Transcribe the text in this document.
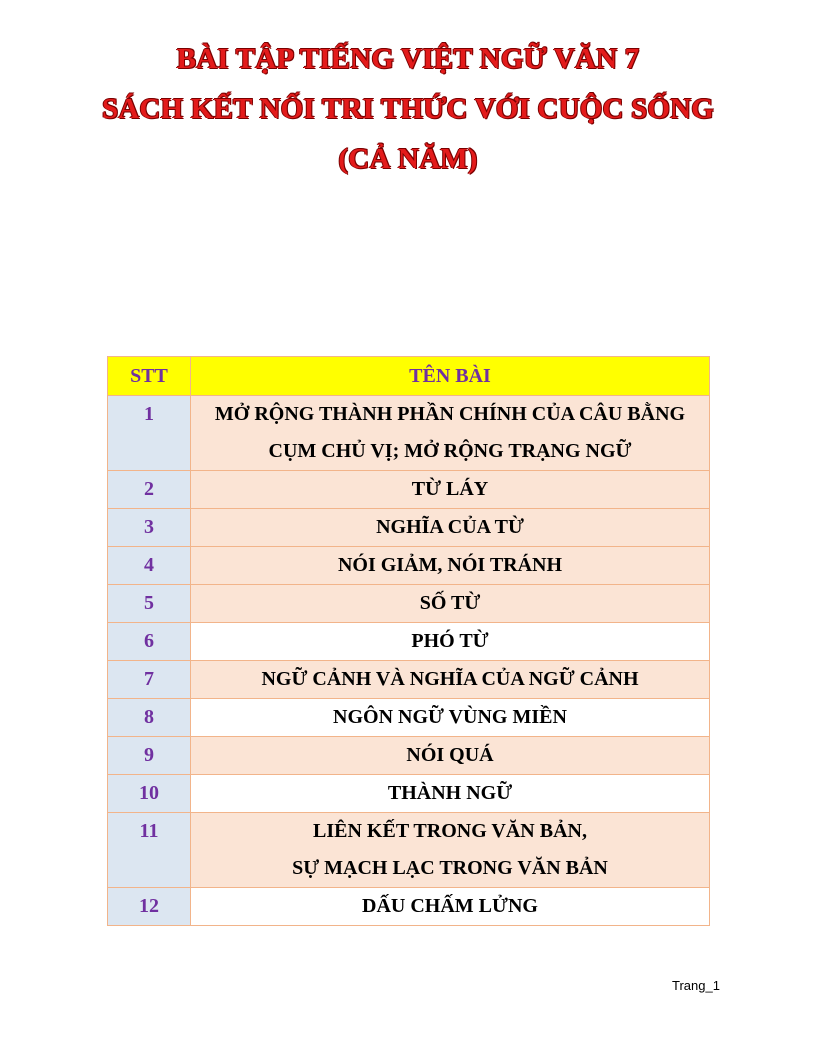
BÀI TẬP TIẾNG VIỆT NGỮ VĂN 7
SÁCH KẾT NỐI TRI THỨC VỚI CUỘC SỐNG
(CẢ NĂM)
STT	TÊN BÀI
1	MỞ RỘNG THÀNH PHẦN CHÍNH CỦA CÂU BẰNG
CỤM CHỦ VỊ; MỞ RỘNG TRẠNG NGỮ

2	TỪ LÁY
3	NGHĨA CỦA TỪ
4	NÓI GIẢM, NÓI TRÁNH
5	SỐ TỪ
6	PHÓ TỪ
7	NGỮ CẢNH VÀ NGHĨA CỦA NGỮ CẢNH
8	NGÔN NGỮ VÙNG MIỀN
9	NÓI QUÁ
10	THÀNH NGỮ
11	LIÊN KẾT TRONG VĂN BẢN,
SỰ MẠCH LẠC TRONG VĂN BẢN

12	DẤU CHẤM LỬNG
Trang_1
